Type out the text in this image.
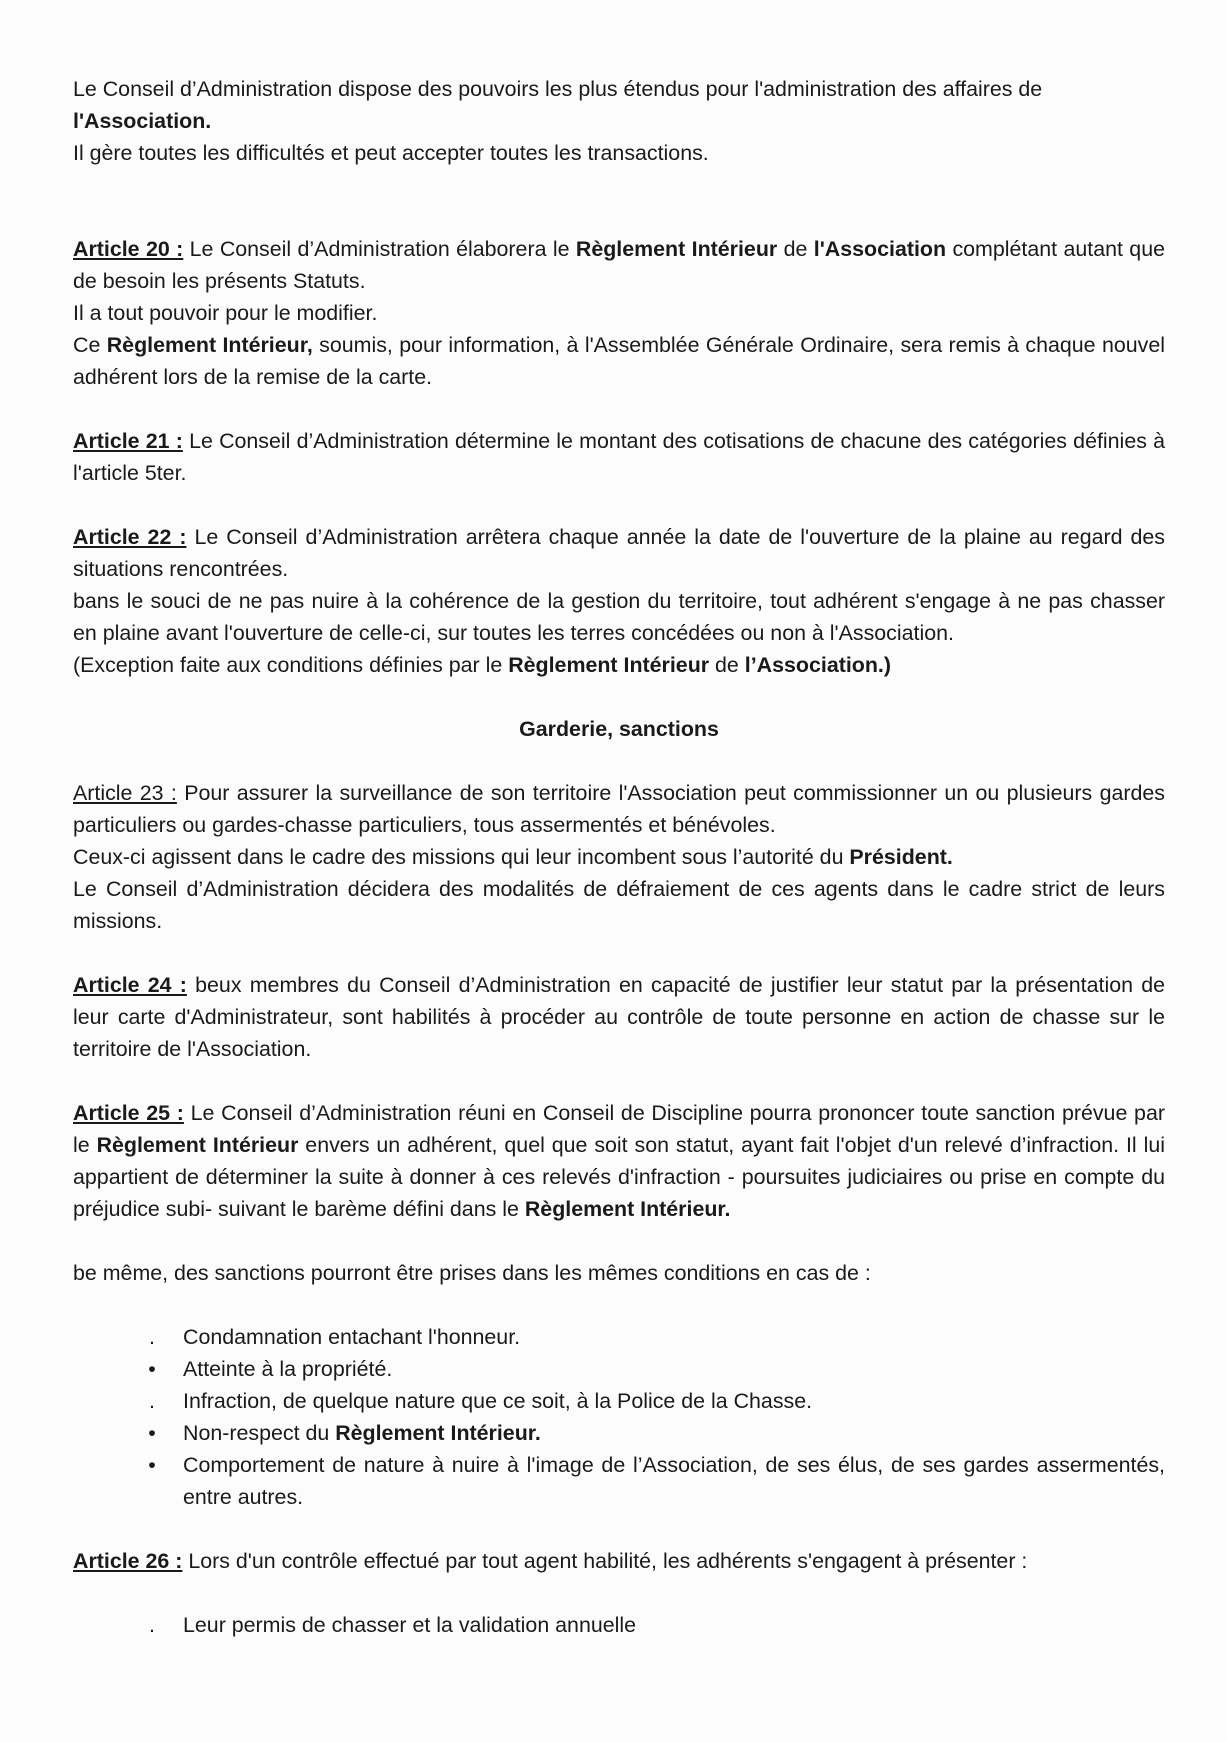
Le Conseil d’Administration dispose des pouvoirs les plus étendus pour l'administration des affaires de
l'Association.
Il gère toutes les difficultés et peut accepter toutes les transactions.

Article 20 : Le Conseil d’Administration élaborera le Règlement Intérieur de l'Association complétant autant que de besoin les présents Statuts.
Il a tout pouvoir pour le modifier.
Ce Règlement Intérieur, soumis, pour information, à l'Assemblée Générale Ordinaire, sera remis à chaque nouvel adhérent lors de la remise de la carte.

Article 21 : Le Conseil d’Administration détermine le montant des cotisations de chacune des catégories définies à l'article 5ter.

Article 22 : Le Conseil d’Administration arrêtera chaque année la date de l'ouverture de la plaine au regard des situations rencontrées.

bans le souci de ne pas nuire à la cohérence de la gestion du territoire, tout adhérent s'engage à ne pas chasser en plaine avant l'ouverture de celle-ci, sur toutes les terres concédées ou non à l'Association.

(Exception faite aux conditions définies par le Règlement Intérieur de l’Association.)

Garderie, sanctions

Article 23 : Pour assurer la surveillance de son territoire l'Association peut commissionner un ou plusieurs gardes particuliers ou gardes-chasse particuliers, tous assermentés et bénévoles.

Ceux-ci agissent dans le cadre des missions qui leur incombent sous l’autorité du Président.

Le Conseil d’Administration décidera des modalités de défraiement de ces agents dans le cadre strict de leurs missions.

Article 24 : beux membres du Conseil d’Administration en capacité de justifier leur statut par la présentation de leur carte d'Administrateur, sont habilités à procéder au contrôle de toute personne en action de chasse sur le territoire de l'Association.

Article 25 : Le Conseil d’Administration réuni en Conseil de Discipline pourra prononcer toute sanction prévue par le Règlement Intérieur envers un adhérent, quel que soit son statut, ayant fait l'objet d'un relevé d’infraction. Il lui appartient de déterminer la suite à donner à ces relevés d'infraction - poursuites judiciaires ou prise en compte du préjudice subi- suivant le barème défini dans le Règlement Intérieur.

be même, des sanctions pourront être prises dans les mêmes conditions en cas de :

. Condamnation entachant l'honneur.
• Atteinte à la propriété.
. Infraction, de quelque nature que ce soit, à la Police de la Chasse.
• Non-respect du Règlement Intérieur.
• Comportement de nature à nuire à l'image de l’Association, de ses élus, de ses gardes assermentés, entre autres.

Article 26 : Lors d'un contrôle effectué par tout agent habilité, les adhérents s'engagent à présenter :

. Leur permis de chasser et la validation annuelle
